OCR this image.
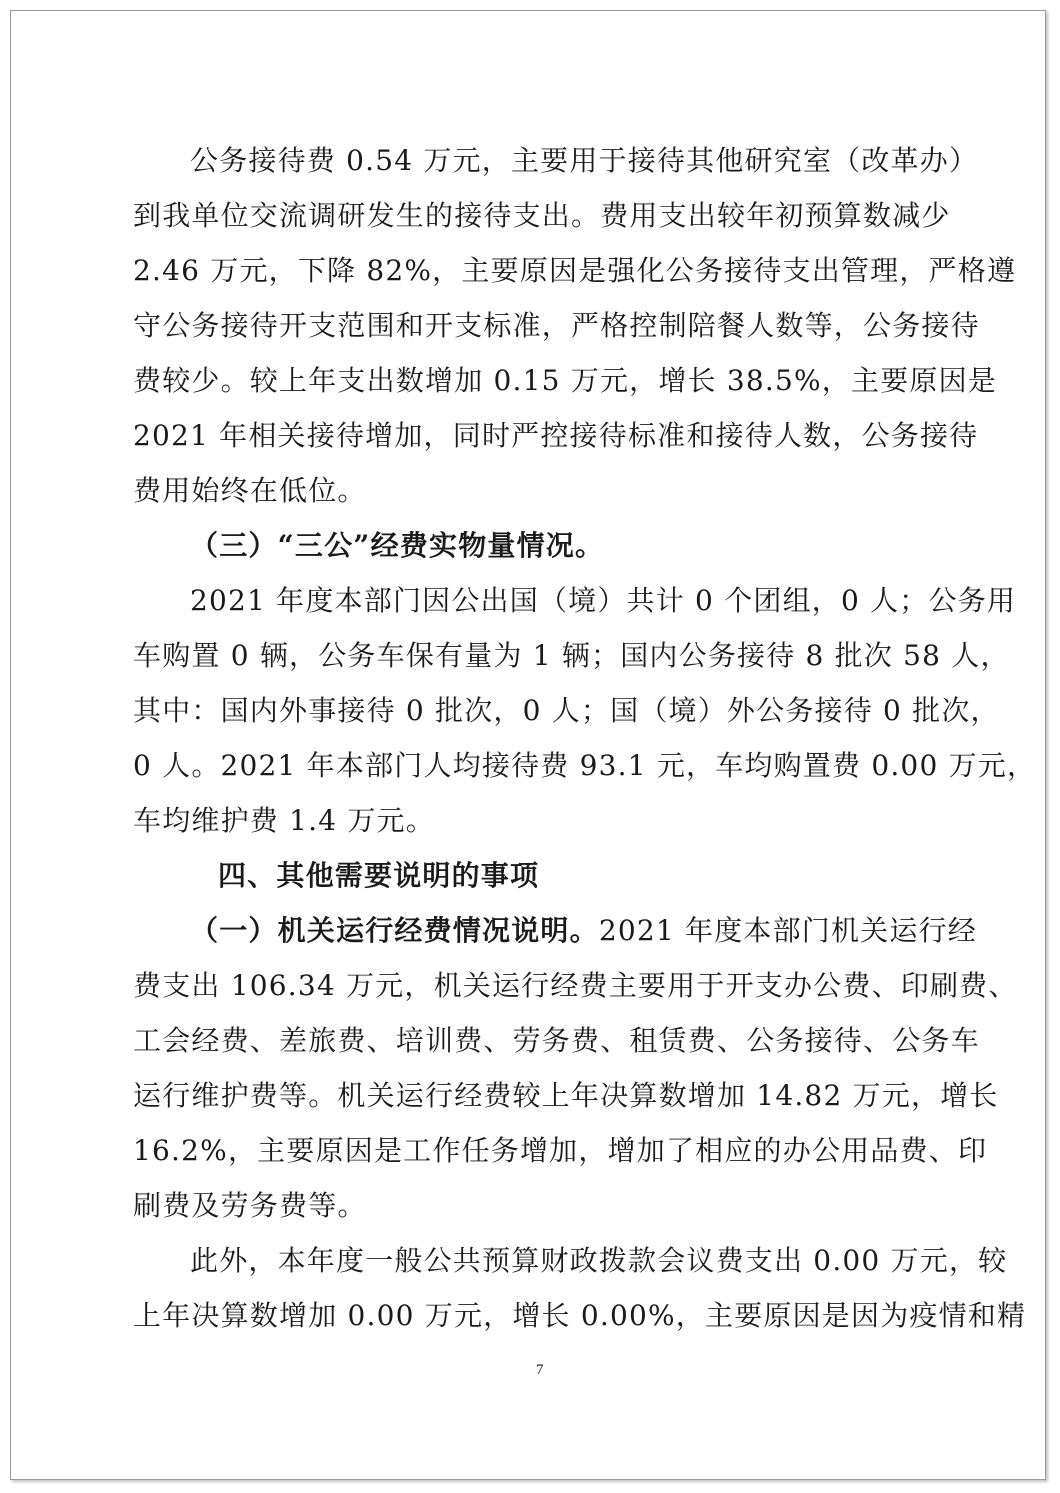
公务接待费 0.54 万元，主要用于接待其他研究室（改革办）
到我单位交流调研发生的接待支出。费用支出较年初预算数减少
2.46 万元，下降 82%，主要原因是强化公务接待支出管理，严格遵
守公务接待开支范围和开支标准，严格控制陪餐人数等，公务接待
费较少。较上年支出数增加 0.15 万元，增长 38.5%，主要原因是
2021 年相关接待增加，同时严控接待标准和接待人数，公务接待
费用始终在低位。
（三）“三公”经费实物量情况。
2021 年度本部门因公出国（境）共计 0 个团组，0 人；公务用
车购置 0 辆，公务车保有量为 1 辆；国内公务接待 8 批次 58 人，
其中：国内外事接待 0 批次，0 人；国（境）外公务接待 0 批次，
0 人。2021 年本部门人均接待费 93.1 元，车均购置费 0.00 万元，
车均维护费 1.4 万元。
四、其他需要说明的事项
（一）机关运行经费情况说明。2021 年度本部门机关运行经
费支出 106.34 万元，机关运行经费主要用于开支办公费、印刷费、
工会经费、差旅费、培训费、劳务费、租赁费、公务接待、公务车
运行维护费等。机关运行经费较上年决算数增加 14.82 万元，增长
16.2%，主要原因是工作任务增加，增加了相应的办公用品费、印
刷费及劳务费等。
此外，本年度一般公共预算财政拨款会议费支出 0.00 万元，较
上年决算数增加 0.00 万元，增长 0.00%，主要原因是因为疫情和精
7
